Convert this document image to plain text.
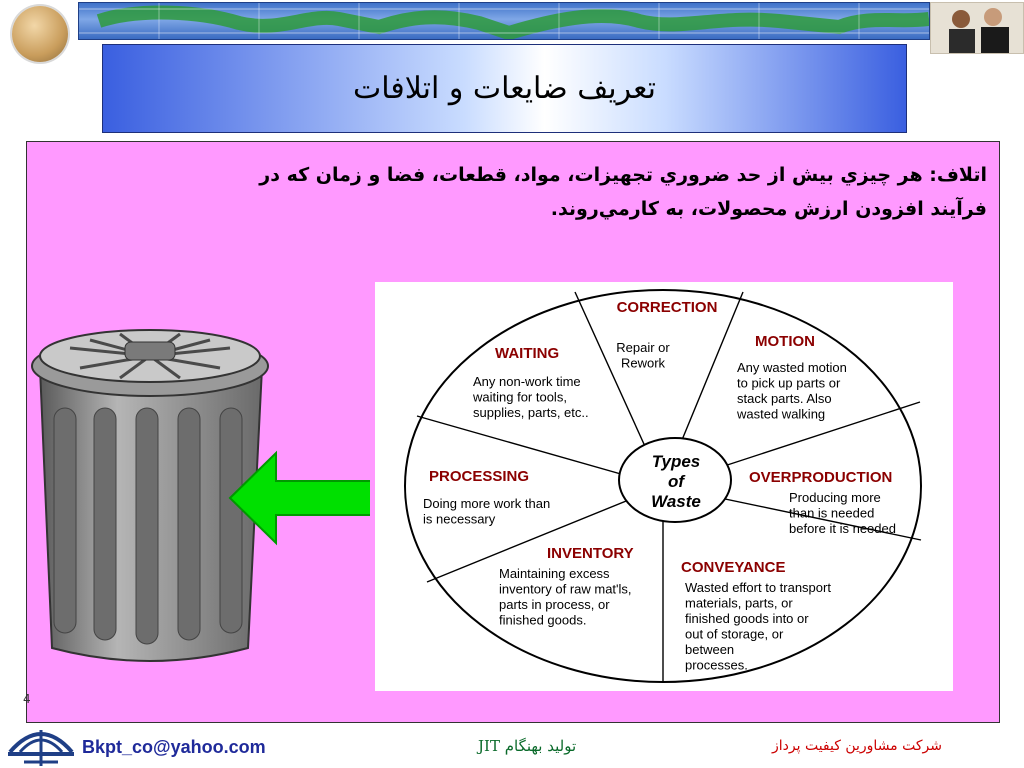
تعریف ضایعات و اتلافات
اتلاف: هر چيزي بيش از حد ضروري تجهيزات، مواد، قطعات، فضا و زمان كه در
فرآيند افزودن ارزش محصولات، به كارمي‌روند.
Types
of
Waste
CORRECTION
Repair or
Rework
MOTION
Any wasted motion
to pick up parts or
stack parts. Also
wasted walking
OVERPRODUCTION
Producing more
than is needed
before it is needed
CONVEYANCE
Wasted effort to transport
materials, parts, or
finished goods into or
out of storage, or
between
processes.
INVENTORY
Maintaining excess
inventory of raw mat'ls,
parts in process, or
finished goods.
PROCESSING
Doing more work than
is necessary
WAITING
Any non-work time
waiting for tools,
supplies, parts, etc..
4
Bkpt_co@yahoo.com	توليد بهنگام JIT	شرکت مشاورین کیفیت پرداز
